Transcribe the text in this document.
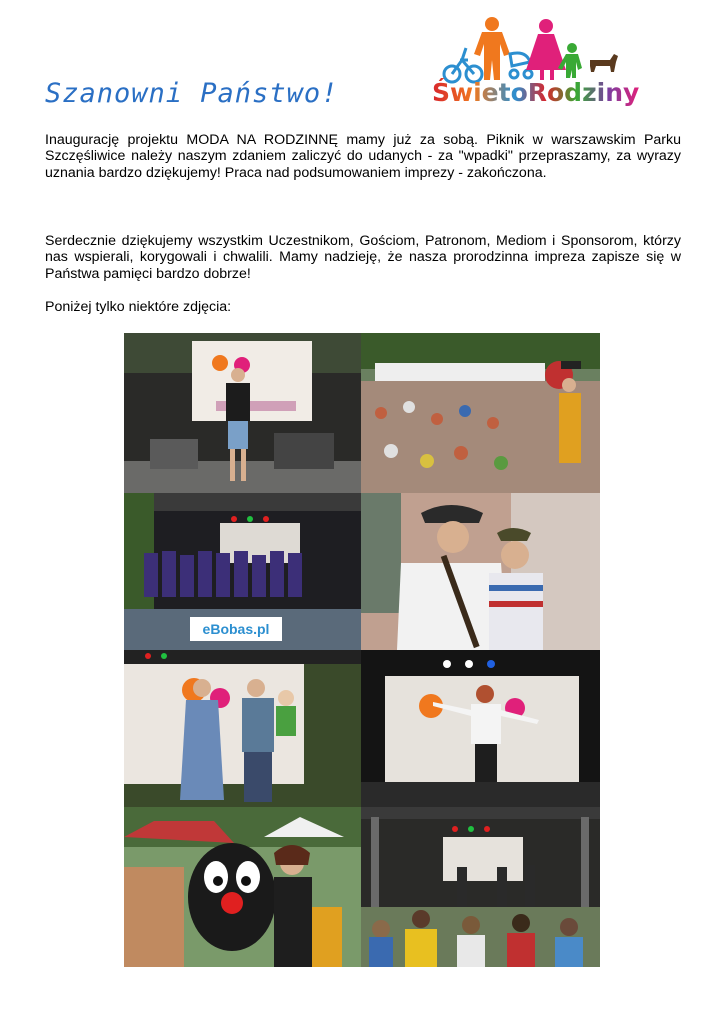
Szanowni Państwo!	ŚwietoRodziny

Inaugurację projektu MODA NA RODZINNĘ mamy już za sobą. Piknik w warszawskim Parku Szczęśliwice należy naszym zdaniem zaliczyć do udanych - za "wpadki" przepraszamy, za wyrazy uznania bardzo dziękujemy! Praca nad podsumowaniem imprezy - zakończona.

Serdecznie dziękujemy wszystkim Uczestnikom, Gościom, Patronom, Mediom i Sponsorom, którzy nas wspierali, korygowali i chwalili. Mamy nadzieję, że nasza prorodzinna impreza zapisze się w Państwa pamięci bardzo dobrze!

Poniżej tylko niektóre zdjęcia:

eBobas.pl
